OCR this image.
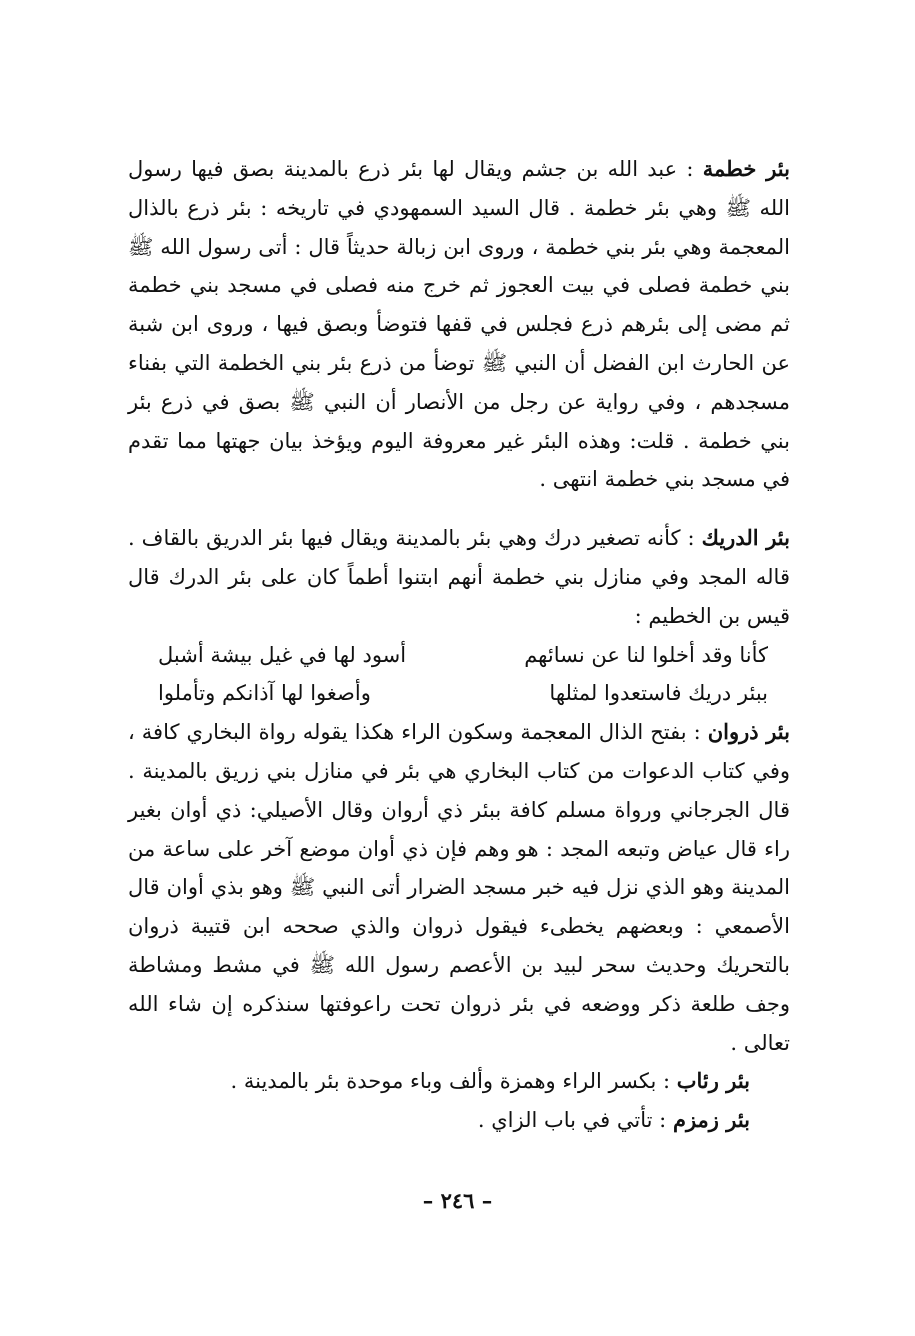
بئر خطمة : عبد الله بن جشم ويقال لها بئر ذرع بالمدينة بصق فيها رسول الله ﷺ وهي بئر خطمة . قال السيد السمهودي في تاريخه : بئر ذرع بالذال المعجمة وهي بئر بني خطمة ، وروى ابن زبالة حديثاً قال : أتى رسول الله ﷺ بني خطمة فصلى في بيت العجوز ثم خرج منه فصلى في مسجد بني خطمة ثم مضى إلى بئرهم ذرع فجلس في قفها فتوضأ وبصق فيها ، وروى ابن شبة عن الحارث ابن الفضل أن النبي ﷺ توضأ من ذرع بئر بني الخطمة التي بفناء مسجدهم ، وفي رواية عن رجل من الأنصار أن النبي ﷺ بصق في ذرع بئر بني خطمة . قلت: وهذه البئر غير معروفة اليوم ويؤخذ بيان جهتها مما تقدم في مسجد بني خطمة انتهى .

بئر الدريك : كأنه تصغير درك وهي بئر بالمدينة ويقال فيها بئر الدريق بالقاف . قاله المجد وفي منازل بني خطمة أنهم ابتنوا أطماً كان على بئر الدرك قال قيس بن الخطيم :

كأنا وقد أخلوا لنا عن نسائهم
أسود لها في غيل بيشة أشبل
ببئر دريك فاستعدوا لمثلها
وأصغوا لها آذانكم وتأملوا

بئر ذروان : بفتح الذال المعجمة وسكون الراء هكذا يقوله رواة البخاري كافة ، وفي كتاب الدعوات من كتاب البخاري هي بئر في منازل بني زريق بالمدينة . قال الجرجاني ورواة مسلم كافة ببئر ذي أروان وقال الأصيلي: ذي أوان بغير راء قال عياض وتبعه المجد : هو وهم فإن ذي أوان موضع آخر على ساعة من المدينة وهو الذي نزل فيه خبر مسجد الضرار أتى النبي ﷺ وهو بذي أوان قال الأصمعي : وبعضهم يخطىء فيقول ذروان والذي صححه ابن قتيبة ذروان بالتحريك وحديث سحر لبيد بن الأعصم رسول الله ﷺ في مشط ومشاطة وجف طلعة ذكر ووضعه في بئر ذروان تحت راعوفتها سنذكره إن شاء الله تعالى .

بئر رئاب : بكسر الراء وهمزة وألف وباء موحدة بئر بالمدينة .

بئر زمزم : تأتي في باب الزاي .

– ٢٤٦ –
